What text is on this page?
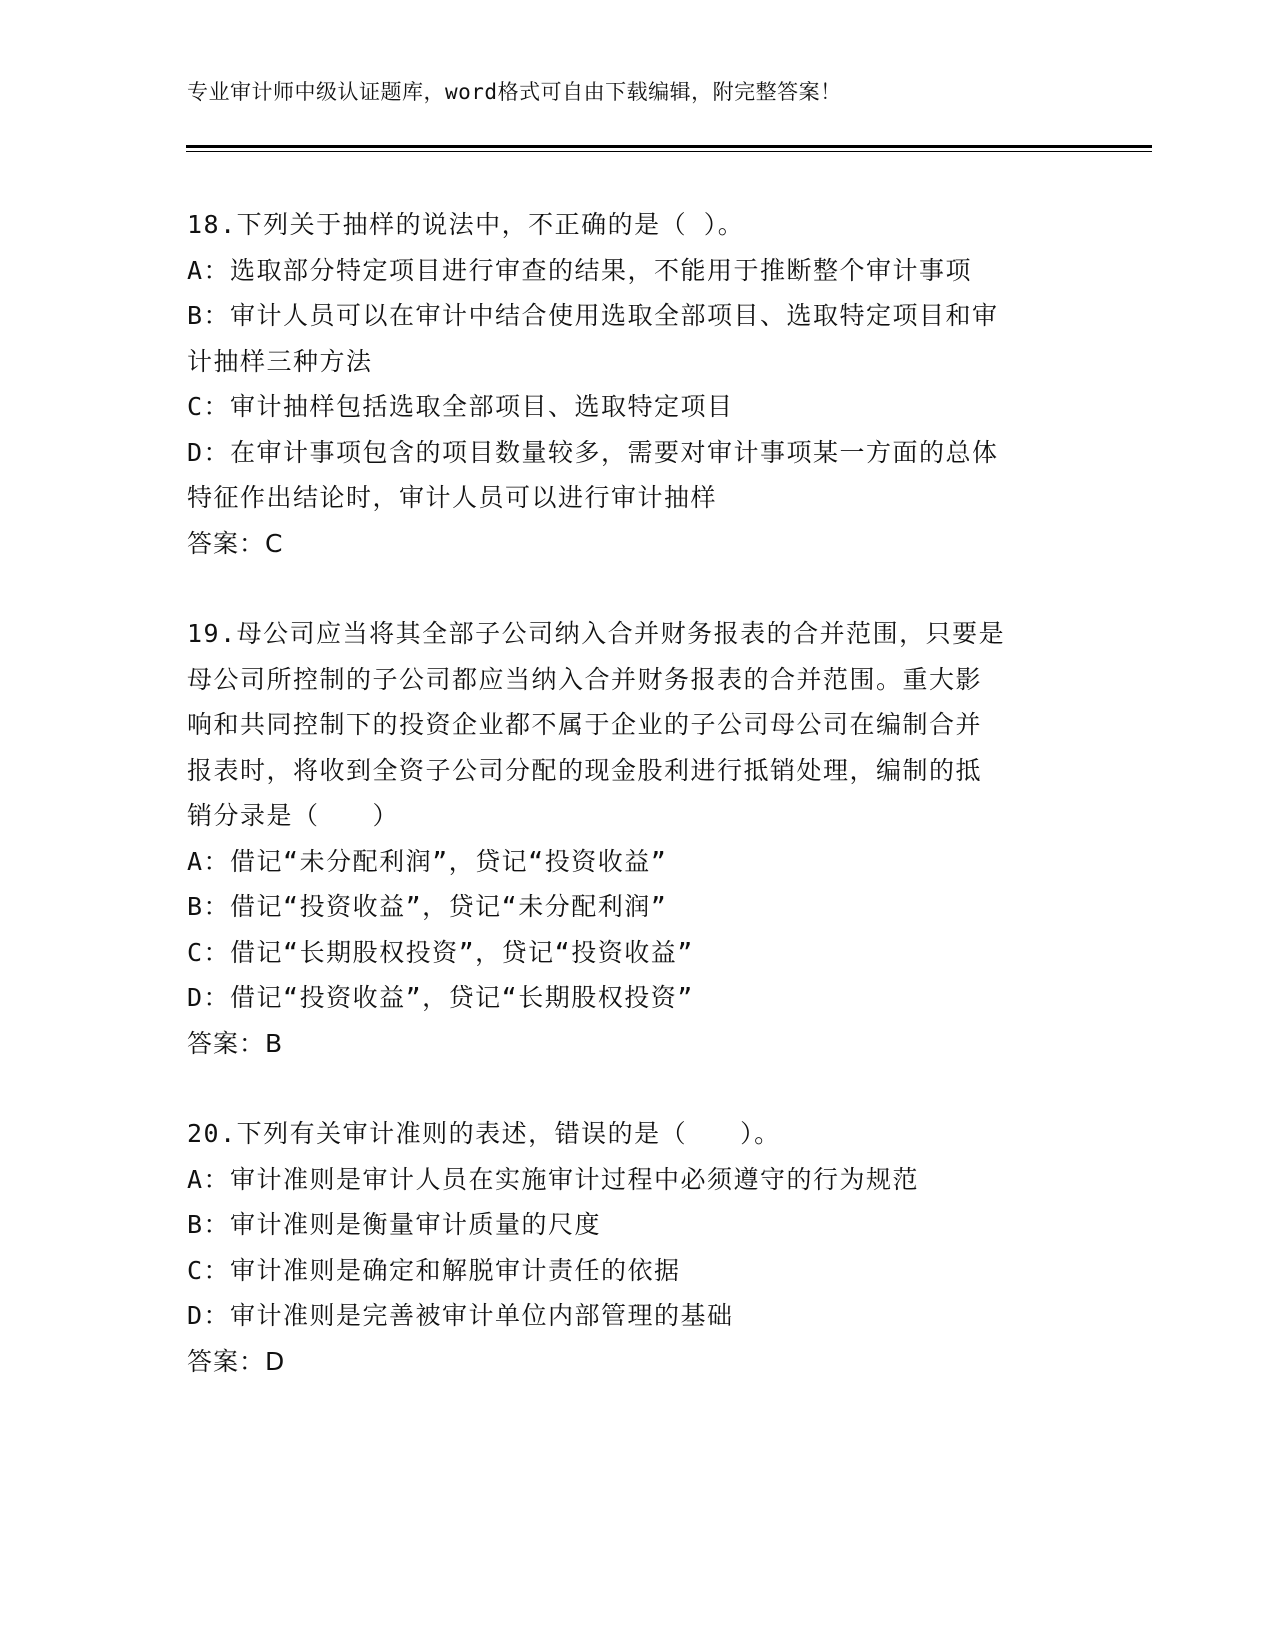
专业审计师中级认证题库，word格式可自由下载编辑，附完整答案！
18.下列关于抽样的说法中，不正确的是（ ）。
A：选取部分特定项目进行审查的结果，不能用于推断整个审计事项
B：审计人员可以在审计中结合使用选取全部项目、选取特定项目和审
计抽样三种方法
C：审计抽样包括选取全部项目、选取特定项目
D：在审计事项包含的项目数量较多，需要对审计事项某一方面的总体
特征作出结论时，审计人员可以进行审计抽样
答案：C
19.母公司应当将其全部子公司纳入合并财务报表的合并范围，只要是
母公司所控制的子公司都应当纳入合并财务报表的合并范围。重大影
响和共同控制下的投资企业都不属于企业的子公司母公司在编制合并
报表时，将收到全资子公司分配的现金股利进行抵销处理，编制的抵
销分录是（　　）
A：借记“未分配利润”，贷记“投资收益”
B：借记“投资收益”，贷记“未分配利润”
C：借记“长期股权投资”，贷记“投资收益”
D：借记“投资收益”，贷记“长期股权投资”
答案：B
20.下列有关审计准则的表述，错误的是（　　）。
A：审计准则是审计人员在实施审计过程中必须遵守的行为规范
B：审计准则是衡量审计质量的尺度
C：审计准则是确定和解脱审计责任的依据
D：审计准则是完善被审计单位内部管理的基础
答案：D
